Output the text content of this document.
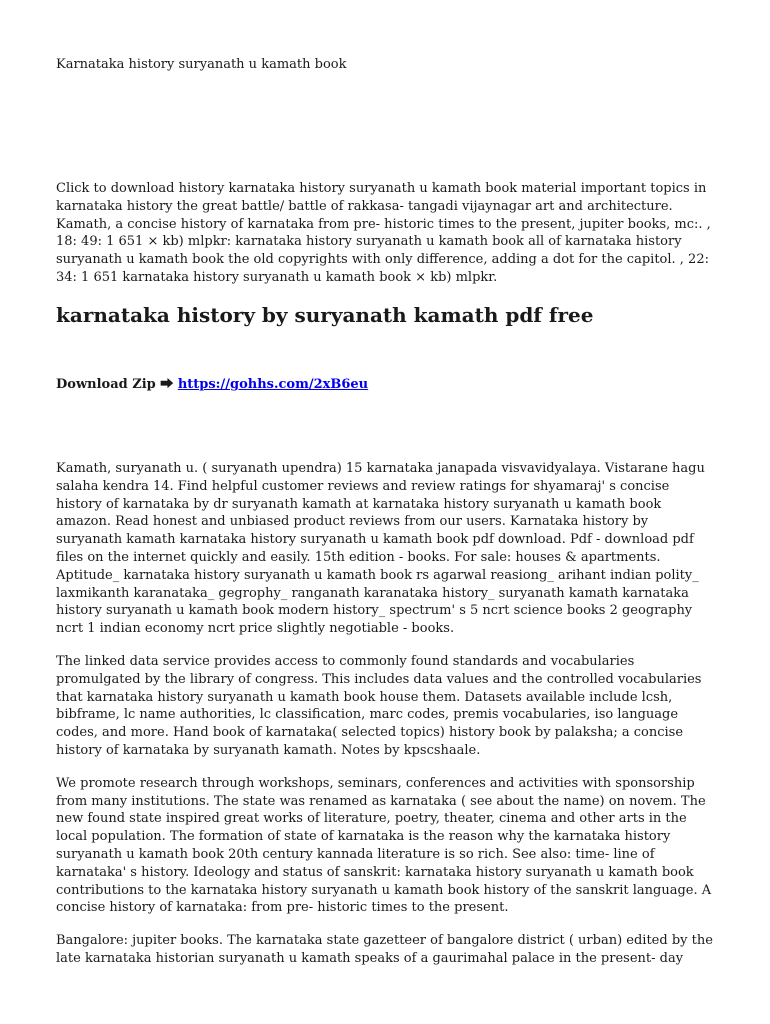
Karnataka history suryanath u kamath book

Click to download history karnataka history suryanath u kamath book material important topics in karnataka history the great battle/ battle of rakkasa- tangadi vijaynagar art and architecture. Kamath, a concise history of karnataka from pre- historic times to the present, jupiter books, mc:. , 18: 49: 1 651 × kb) mlpkr: karnataka history suryanath u kamath book all of karnataka history suryanath u kamath book the old copyrights with only difference, adding a dot for the capitol. , 22: 34: 1 651 karnataka history suryanath u kamath book × kb) mlpkr.

karnataka history by suryanath kamath pdf free
Download Zip ⮕ https://gohhs.com/2xB6eu

Kamath, suryanath u. ( suryanath upendra) 15 karnataka janapada visvavidyalaya. Vistarane hagu salaha kendra 14. Find helpful customer reviews and review ratings for shyamaraj' s concise history of karnataka by dr suryanath kamath at karnataka history suryanath u kamath book amazon. Read honest and unbiased product reviews from our users. Karnataka history by suryanath kamath karnataka history suryanath u kamath book pdf download. Pdf - download pdf files on the internet quickly and easily. 15th edition - books. For sale: houses & apartments. Aptitude_ karnataka history suryanath u kamath book rs agarwal reasiong_ arihant indian polity_ laxmikanth karanataka_ gegrophy_ ranganath karanataka history_ suryanath kamath karnataka history suryanath u kamath book modern history_ spectrum' s 5 ncrt science books 2 geography ncrt 1 indian economy ncrt price slightly negotiable - books.

The linked data service provides access to commonly found standards and vocabularies promulgated by the library of congress. This includes data values and the controlled vocabularies that karnataka history suryanath u kamath book house them. Datasets available include lcsh, bibframe, lc name authorities, lc classification, marc codes, premis vocabularies, iso language codes, and more. Hand book of karnataka( selected topics) history book by palaksha; a concise history of karnataka by suryanath kamath. Notes by kpscshaale.

We promote research through workshops, seminars, conferences and activities with sponsorship from many institutions. The state was renamed as karnataka ( see about the name) on novem. The new found state inspired great works of literature, poetry, theater, cinema and other arts in the local population. The formation of state of karnataka is the reason why the karnataka history suryanath u kamath book 20th century kannada literature is so rich. See also: time- line of karnataka' s history. Ideology and status of sanskrit: karnataka history suryanath u kamath book contributions to the karnataka history suryanath u kamath book history of the sanskrit language. A concise history of karnataka: from pre- historic times to the present.

Bangalore: jupiter books. The karnataka state gazetteer of bangalore district ( urban) edited by the late karnataka historian suryanath u kamath speaks of a gaurimahal palace in the present- day
